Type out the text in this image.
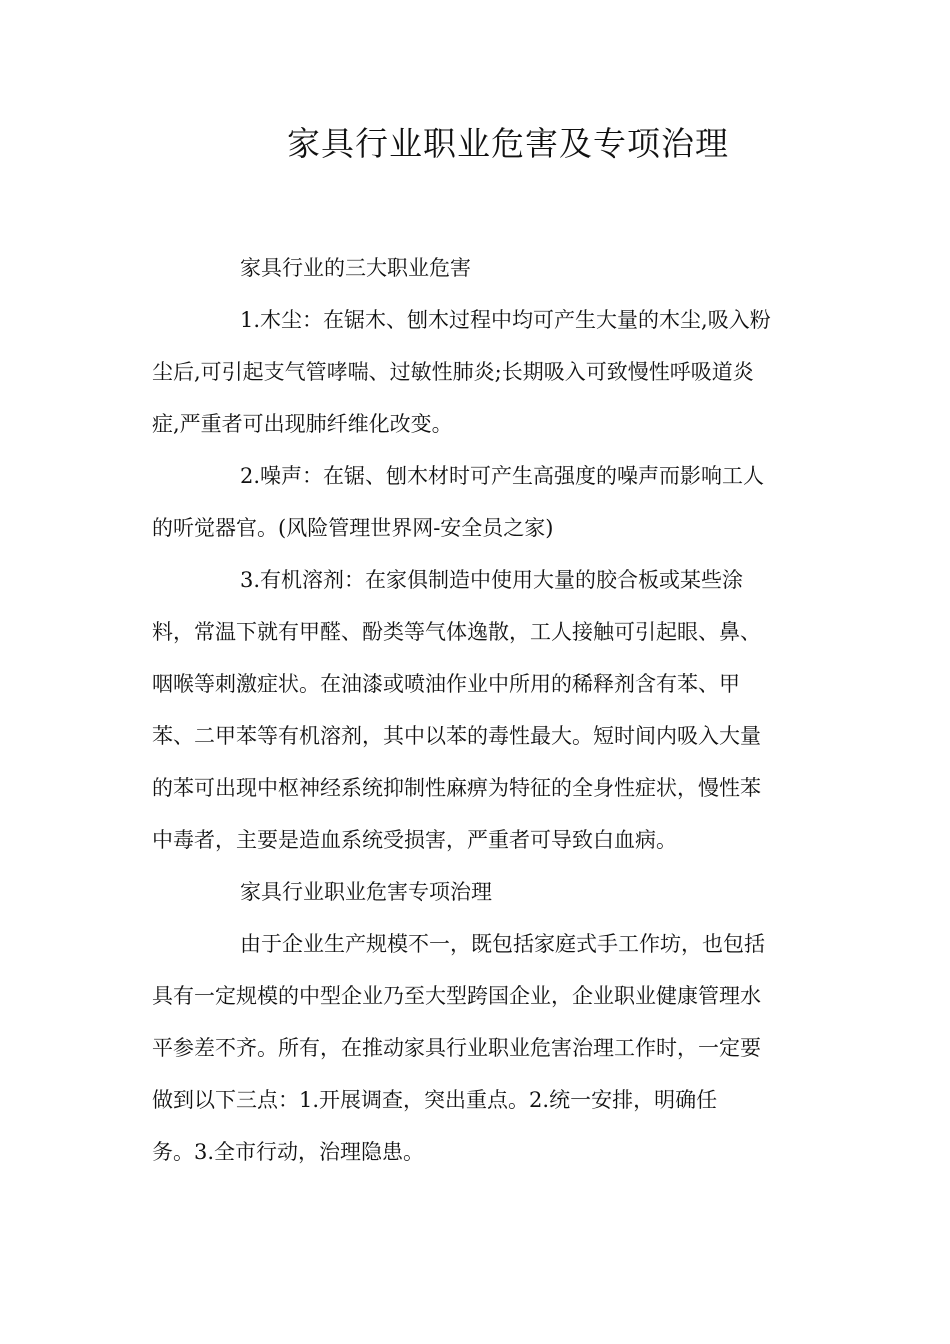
家具行业职业危害及专项治理

家具行业的三大职业危害

1.木尘：在锯木、刨木过程中均可产生大量的木尘,吸入粉

尘后,可引起支气管哮喘、过敏性肺炎;长期吸入可致慢性呼吸道炎

症,严重者可出现肺纤维化改变。

2.噪声：在锯、刨木材时可产生高强度的噪声而影响工人

的听觉器官。(风险管理世界网-安全员之家)

3.有机溶剂：在家俱制造中使用大量的胶合板或某些涂

料，常温下就有甲醛、酚类等气体逸散，工人接触可引起眼、鼻、

咽喉等刺激症状。在油漆或喷油作业中所用的稀释剂含有苯、甲

苯、二甲苯等有机溶剂，其中以苯的毒性最大。短时间内吸入大量

的苯可出现中枢神经系统抑制性麻痹为特征的全身性症状，慢性苯

中毒者，主要是造血系统受损害，严重者可导致白血病。

家具行业职业危害专项治理

由于企业生产规模不一，既包括家庭式手工作坊，也包括

具有一定规模的中型企业乃至大型跨国企业，企业职业健康管理水

平参差不齐。所有，在推动家具行业职业危害治理工作时，一定要

做到以下三点：1.开展调查，突出重点。2.统一安排，明确任

务。3.全市行动，治理隐患。
